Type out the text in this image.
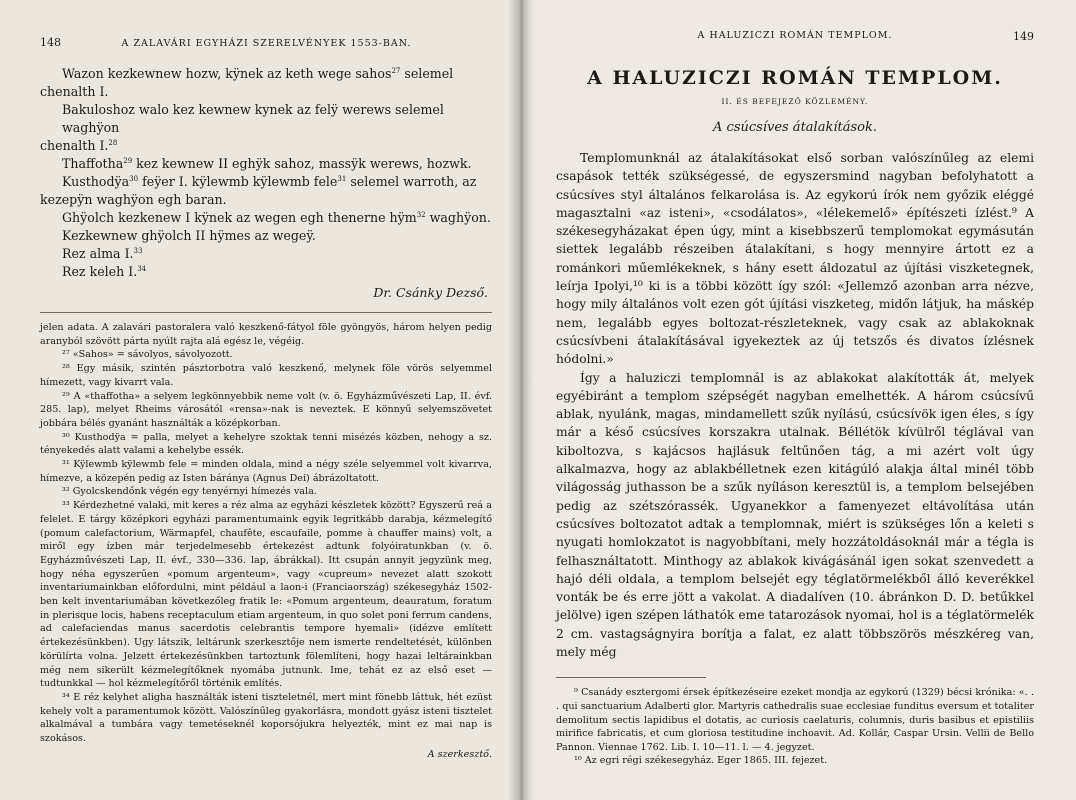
148	A ZALAVÁRI EGYHÁZI SZERELVÉNYEK 1553-BAN.
Wazon kezkewnew hozw, kÿnek az keth wege sahos$^{27}$ selemel
chenalth I.
Bakuloshoz walo kez kewnew kynek az felÿ werews selemel waghÿon
chenalth I.$^{28}$
Thaffotha$^{29}$ kez kewnew II eghÿk sahoz, massÿk werews, hozwk.
Kusthodÿa$^{30}$ feÿer I. kÿlewmb kÿlewmb fele$^{31}$ selemel warroth, az
kezepÿn waghÿon egh baran.
Ghÿolch kezkenew I kÿnek az wegen egh thenerne hÿm$^{32}$ waghÿon.
Kezkewnew ghÿolch II hÿmes az wegeÿ.
Rez alma I.$^{33}$
Rez keleh I.$^{34}$
Dr. Csánky Dezső.

jelen adata. A zalavári pastoralera való keszkenő-fátyol föle gyöngyös, három helyen pedig aranyból szövött párta nyúlt rajta alá egész le, végéig.

²⁷ «Sahos» = sávolyos, sávolyozott.

²⁸ Egy másik, szintén pásztorbotra való keszkenő, melynek föle vörös selyemmel hímezett, vagy kivarrt vala.

²⁹ A «thaffotha» a selyem legkönnyebbik neme volt (v. ö. Egyházművészeti Lap, II. évf. 285. lap), melyet Rheims városától «rensa»-nak is neveztek. E könnyű selyemszövetet jobbára bélés gyanánt használták a középkorban.

³⁰ Kusthodÿa = palla, melyet a kehelyre szoktak tenni misézés közben, nehogy a sz. tényekedés alatt valami a kehelybe essék.

³¹ Kÿlewmb kÿlewmb fele = minden oldala, mind a négy széle selyemmel volt kivarrva, hímezve, a közepén pedig az Isten báránya (Agnus Dei) ábrázoltatott.

³² Gyolcskendőnk végén egy tenyérnyi hímezés vala.

³³ Kérdezhetné valaki, mit keres a réz alma az egyházi készletek között? Egyszerű reá a felelet. E tárgy középkori egyházi paramentumaink egyik legritkább darabja, kézmelegítő (pomum calefactorium, Wärmapfel, chaufête, escaufaile, pomme à chauffer mains) volt, a miről egy ízben már terjedelmesebb értekezést adtunk folyóiratunkban (v. ö. Egyházművészeti Lap, II. évf., 330—336. lap, ábrákkal). Itt csupán annyit jegyzünk meg, hogy néha egyszerűen «pomum argenteum», vagy «cupreum» nevezet alatt szokott inventariumainkban előfordulni, mint például a laon-i (Franciaország) székesegyház 1502-ben kelt inventariumában következőleg fratik le: «Pomum argenteum, deauratum, foratum in plerisque locis, habens receptaculum etiam argenteum, in quo solet poni ferrum candens, ad calefaciendas manus sacerdotis celebrantis tempore hyemali» (idézve említett értekezésünkben). Ugy látszik, leltárunk szerkesztője nem ismerte rendeltetését, különben körülírta volna. Jelzett értekezésünkben tartoztunk fölemlíteni, hogy hazai leltárainkban még nem sikerült kézmelegítőknek nyomába jutnunk. Ime, tehát ez az első eset — tudtunkkal — hol kézmelegítőről történik említés.

³⁴ E réz kelyhet aligha használták isteni tiszteletnél, mert mint fönebb láttuk, hét ezüst kehely volt a paramentumok között. Valószínűleg gyakorlásra, mondott gyász isteni tisztelet alkalmával a tumbára vagy temetéseknél koporsójukra helyezték, mint ez mai nap is szokásos.

A szerkesztő.
A HALUZICZI ROMÁN TEMPLOM.	149
A HALUZICZI ROMÁN TEMPLOM.
II. ÉS BEFEJEZŐ KÖZLEMÉNY.
A csúcsíves átalakítások.

Templomunknál az átalakításokat első sorban valószínűleg az elemi csapások tették szükségessé, de egyszersmind nagyban befolyhatott a csúcsíves styl általános felkarolása is. Az egykorú írók nem győzik eléggé magasztalni «az isteni», «csodálatos», «lélekemelő» építészeti ízlést.⁹ A székesegyházakat épen úgy, mint a kisebbszerű templomokat egymásután siettek legalább részeiben átalakítani, s hogy mennyire ártott ez a románkori műemlékeknek, s hány esett áldozatul az újítási viszketegnek, leírja Ipolyi,¹⁰ ki is a többi között így szól: «Jellemző azonban arra nézve, hogy mily általános volt ezen gót újítási viszketeg, midőn látjuk, ha máskép nem, legalább egyes boltozat-részleteknek, vagy csak az ablakoknak csúcsívbeni átalakításával igyekeztek az új tetszős és divatos ízlésnek hódolni.»

Így a haluziczi templomnál is az ablakokat alakították át, melyek egyébiránt a templom szépségét nagyban emelhették. A három csúcsívű ablak, nyulánk, magas, mindamellett szűk nyílású, csúcsívök igen éles, s így már a késő csúcsíves korszakra utalnak. Béllétök kívülről téglával van kiboltozva, s kajácsos hajlásuk feltűnően tág, a mi azért volt úgy alkalmazva, hogy az ablakbélletnek ezen kitágúló alakja által minél több világosság juthasson be a szűk nyíláson keresztül is, a templom belsejében pedig az szétszórassék. Ugyanekkor a famenyezet eltávolítása után csúcsíves boltozatot adtak a templomnak, miért is szükséges lőn a keleti s nyugati homlokzatot is nagyobbítani, mely hozzátoldásoknál már a tégla is felhasználtatott. Minthogy az ablakok kivágásánál igen sokat szenvedett a hajó déli oldala, a templom belsejét egy téglatörmelékből álló keverékkel vonták be és erre jött a vakolat. A diadalíven (10. ábránkon D. D. betűkkel jelölve) igen szépen láthatók eme tatarozások nyomai, hol is a téglatörmelék 2 cm. vastagságnyira borítja a falat, ez alatt többszörös mészkéreg van, mely még

⁹ Csanády esztergomi érsek építkezéseire ezeket mondja az egykorú (1329) bécsi krónika: «. . . qui sanctuarium Adalberti glor. Martyris cathedralis suae ecclesiae funditus eversum et totaliter demolitum sectis lapidibus el dotatis, ac curiosis caelaturis, columnis, duris basibus et epistiliis mirifice fabricatis, et cum gloriosa testitudine inchoavit. Ad. Kollár, Caspar Ursin. Vellii de Bello Pannon. Viennae 1762. Lib. I. 10—11. l. — 4. jegyzet.

¹⁰ Az egri régi székesegyház. Eger 1865. III. fejezet.
